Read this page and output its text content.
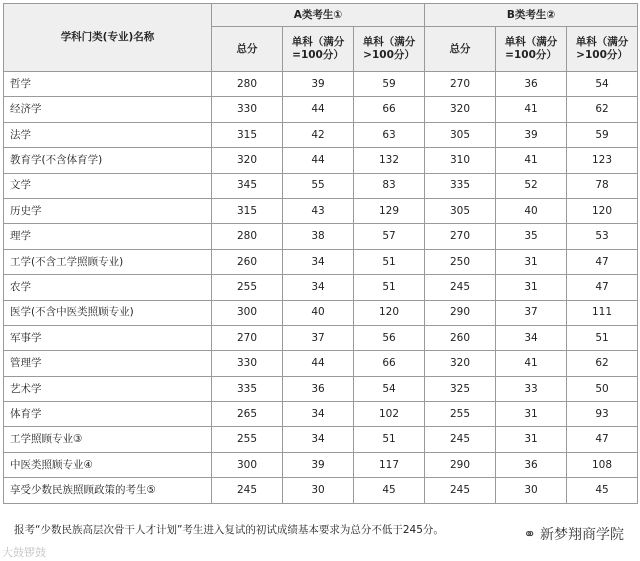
学科门类(专业)名称	A类考生①			B类考生②		
	总分	单科（满分=100分）	单科（满分>100分）	总分	单科（满分=100分）	单科（满分>100分）
哲学	280	39	59	270	36	54
经济学	330	44	66	320	41	62
法学	315	42	63	305	39	59
教育学(不含体育学)	320	44	132	310	41	123
文学	345	55	83	335	52	78
历史学	315	43	129	305	40	120
理学	280	38	57	270	35	53
工学(不含工学照顾专业)	260	34	51	250	31	47
农学	255	34	51	245	31	47
医学(不含中医类照顾专业)	300	40	120	290	37	111
军事学	270	37	56	260	34	51
管理学	330	44	66	320	41	62
艺术学	335	36	54	325	33	50
体育学	265	34	102	255	31	93
工学照顾专业③	255	34	51	245	31	47
中医类照顾专业④	300	39	117	290	36	108
享受少数民族照顾政策的考生⑤	245	30	45	245	30	45
报考“少数民族高层次骨干人才计划”考生进入复试的初试成绩基本要求为总分不低于245分。	⚭ 新梦翔商学院
大鼓锣鼓
